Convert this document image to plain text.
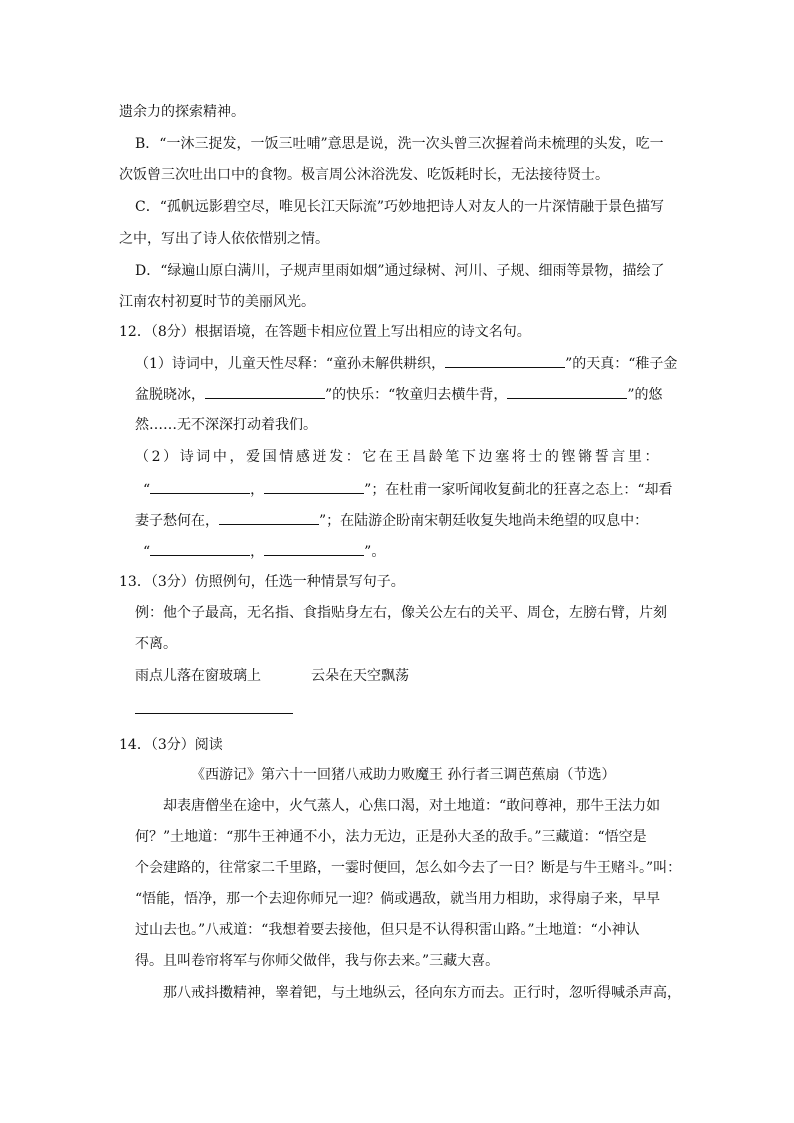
遗余力的探索精神。
B．“一沐三捉发，一饭三吐哺”意思是说，洗一次头曾三次握着尚未梳理的头发，吃一
次饭曾三次吐出口中的食物。极言周公沐浴洗发、吃饭耗时长，无法接待贤士。
C．“孤帆远影碧空尽，唯见长江天际流”巧妙地把诗人对友人的一片深情融于景色描写
之中，写出了诗人依依惜别之情。
D．“绿遍山原白满川，子规声里雨如烟”通过绿树、河川、子规、细雨等景物，描绘了
江南农村初夏时节的美丽风光。
12．（8分）根据语境，在答题卡相应位置上写出相应的诗文名句。
（1）诗词中，儿童天性尽释：“童孙未解供耕织，	”的天真：“稚子金
盆脱晓冰，	”的快乐：“牧童归去横牛背，	”的悠
然……无不深深打动着我们。
（2）诗词中，爱国情感迸发：它在王昌龄笔下边塞将士的铿锵誓言里：
“	，	”；在杜甫一家听闻收复蓟北的狂喜之态上：“却看
妻子愁何在，	”；在陆游企盼南宋朝廷收复失地尚未绝望的叹息中：
“	，	”。
13．（3分）仿照例句，任选一种情景写句子。
例：他个子最高，无名指、食指贴身左右，像关公左右的关平、周仓，左膀右臂，片刻
不离。
雨点儿落在窗玻璃上	云朵在天空飘荡
14．（3分）阅读
《西游记》第六十一回猪八戒助力败魔王 孙行者三调芭蕉扇（节选）
却表唐僧坐在途中，火气蒸人，心焦口渴，对土地道：“敢问尊神，那牛王法力如
何？”土地道：“那牛王神通不小，法力无边，正是孙大圣的敌手。”三藏道：“悟空是
个会建路的，往常家二千里路，一霎时便回，怎么如今去了一日？断是与牛王赌斗。”叫：
“悟能，悟净，那一个去迎你师兄一迎？倘或遇敌，就当用力相助，求得扇子来，早早
过山去也。”八戒道：“我想着要去接他，但只是不认得积雷山路。”土地道：“小神认
得。且叫卷帘将军与你师父做伴，我与你去来。”三藏大喜。
那八戒抖擞精神，睾着钯，与土地纵云，径向东方而去。正行时，忽听得喊杀声高，
